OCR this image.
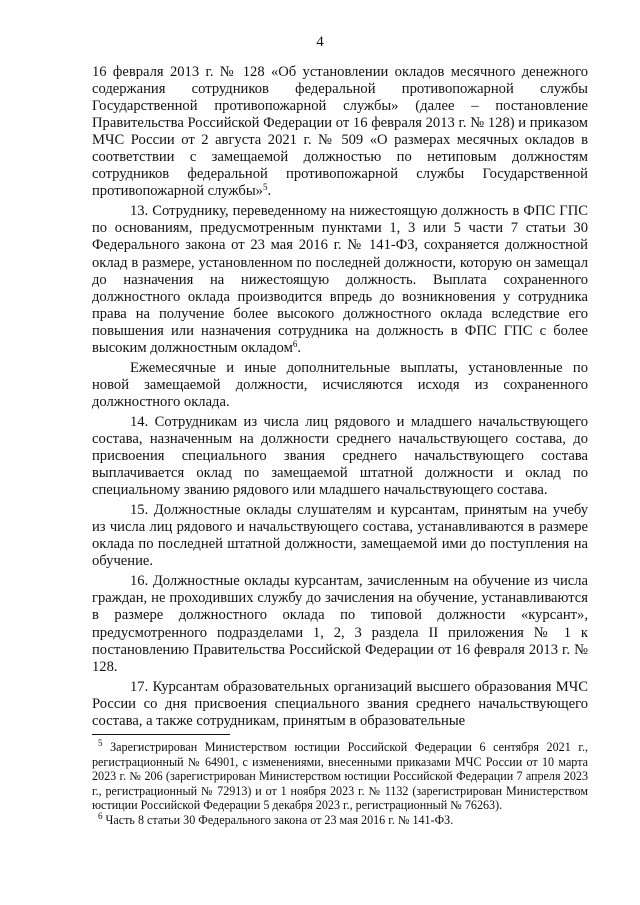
4

16 февраля 2013 г. № 128 «Об установлении окладов месячного денежного содержания сотрудников федеральной противопожарной службы Государственной противопожарной службы» (далее – постановление Правительства Российской Федерации от 16 февраля 2013 г. № 128) и приказом МЧС России от 2 августа 2021 г. № 509 «О размерах месячных окладов в соответствии с замещаемой должностью по нетиповым должностям сотрудников федеральной противопожарной службы Государственной противопожарной службы»$^5$.

13. Сотруднику, переведенному на нижестоящую должность в ФПС ГПС по основаниям, предусмотренным пунктами 1, 3 или 5 части 7 статьи 30 Федерального закона от 23 мая 2016 г. № 141-ФЗ, сохраняется должностной оклад в размере, установленном по последней должности, которую он замещал до назначения на нижестоящую должность. Выплата сохраненного должностного оклада производится впредь до возникновения у сотрудника права на получение более высокого должностного оклада вследствие его повышения или назначения сотрудника на должность в ФПС ГПС с более высоким должностным окладом$^6$.

Ежемесячные и иные дополнительные выплаты, установленные по новой замещаемой должности, исчисляются исходя из сохраненного должностного оклада.

14. Сотрудникам из числа лиц рядового и младшего начальствующего состава, назначенным на должности среднего начальствующего состава, до присвоения специального звания среднего начальствующего состава выплачивается оклад по замещаемой штатной должности и оклад по специальному званию рядового или младшего начальствующего состава.

15. Должностные оклады слушателям и курсантам, принятым на учебу из числа лиц рядового и начальствующего состава, устанавливаются в размере оклада по последней штатной должности, замещаемой ими до поступления на обучение.

16. Должностные оклады курсантам, зачисленным на обучение из числа граждан, не проходивших службу до зачисления на обучение, устанавливаются в размере должностного оклада по типовой должности «курсант», предусмотренного подразделами 1, 2, 3 раздела II приложения № 1 к постановлению Правительства Российской Федерации от 16 февраля 2013 г. № 128.

17. Курсантам образовательных организаций высшего образования МЧС России со дня присвоения специального звания среднего начальствующего состава, а также сотрудникам, принятым в образовательные

$^5$ Зарегистрирован Министерством юстиции Российской Федерации 6 сентября 2021 г., регистрационный № 64901, с изменениями, внесенными приказами МЧС России от 10 марта 2023 г. № 206 (зарегистрирован Министерством юстиции Российской Федерации 7 апреля 2023 г., регистрационный № 72913) и от 1 ноября 2023 г. № 1132 (зарегистрирован Министерством юстиции Российской Федерации 5 декабря 2023 г., регистрационный № 76263).

$^6$ Часть 8 статьи 30 Федерального закона от 23 мая 2016 г. № 141-ФЗ.
